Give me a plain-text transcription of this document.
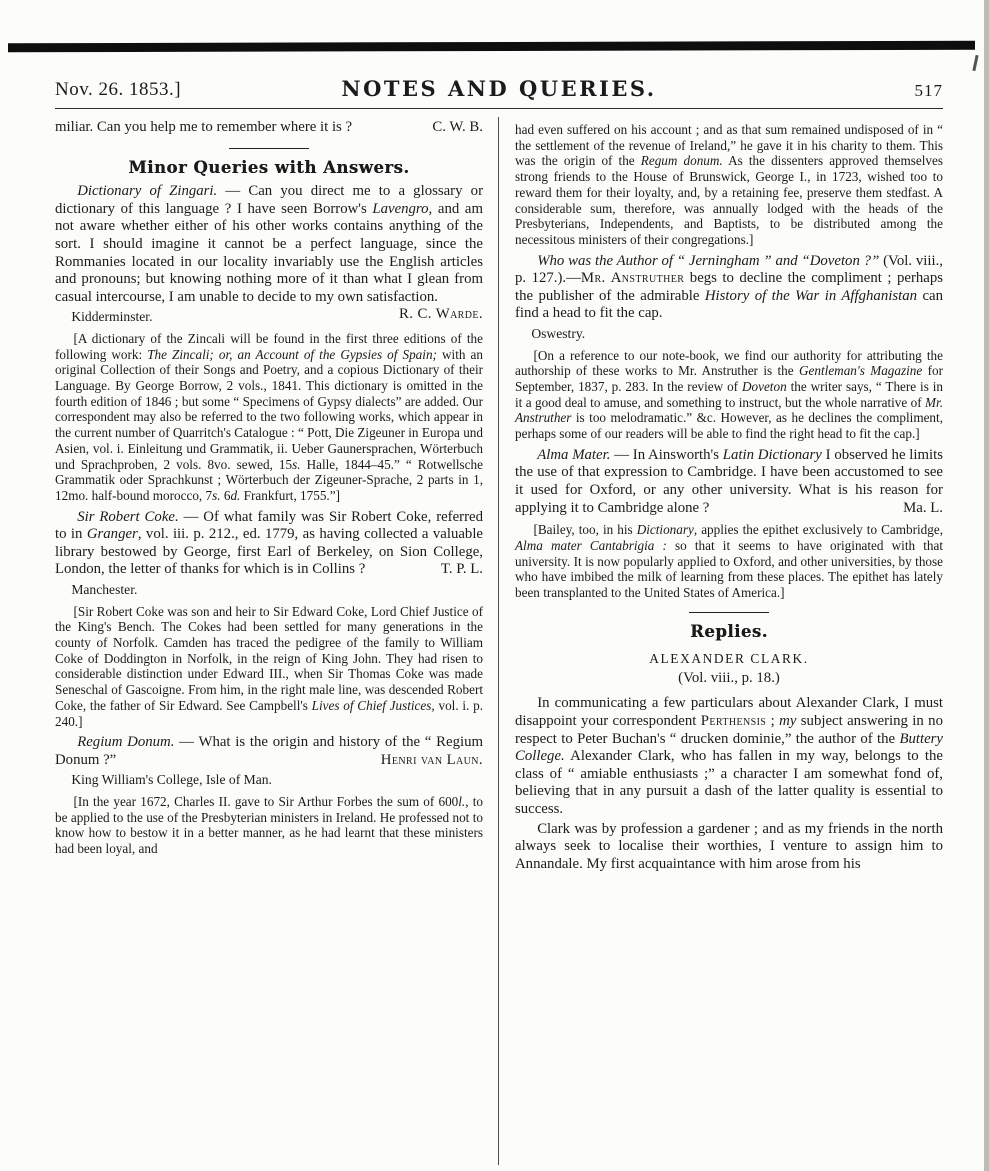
Nov. 26. 1853.]	NOTES AND QUERIES.	517
miliar. Can you help me to remember where it is ?	C. W. B.
Minor Queries with Answers.
Dictionary of Zingari. — Can you direct me to a glossary or dictionary of this language ? I have seen Borrow's Lavengro, and am not aware whether either of his other works contains anything of the sort. I should imagine it cannot be a perfect language, since the Rommanies located in our locality invariably use the English articles and pronouns; but knowing nothing more of it than what I glean from casual intercourse, I am unable to decide to my own satisfaction.
R. C. Warde.
Kidderminster.
[A dictionary of the Zincali will be found in the first three editions of the following work: The Zincali; or, an Account of the Gypsies of Spain; with an original Collection of their Songs and Poetry, and a copious Dictionary of their Language. By George Borrow, 2 vols., 1841. This dictionary is omitted in the fourth edition of 1846 ; but some “ Specimens of Gypsy dialects” are added. Our correspondent may also be referred to the two following works, which appear in the current number of Quarritch's Catalogue : “ Pott, Die Zigeuner in Europa und Asien, vol. i. Einleitung und Grammatik, ii. Ueber Gaunersprachen, Wörterbuch und Sprachproben, 2 vols. 8vo. sewed, 15s. Halle, 1844–45.” “ Rotwellsche Grammatik oder Sprachkunst ; Wörterbuch der Zigeuner-Sprache, 2 parts in 1, 12mo. half-bound morocco, 7s. 6d. Frankfurt, 1755.”]
Sir Robert Coke. — Of what family was Sir Robert Coke, referred to in Granger, vol. iii. p. 212., ed. 1779, as having collected a valuable library bestowed by George, first Earl of Berkeley, on Sion College, London, the letter of thanks for which is in Collins ?	T. P. L.
Manchester.
[Sir Robert Coke was son and heir to Sir Edward Coke, Lord Chief Justice of the King's Bench. The Cokes had been settled for many generations in the county of Norfolk. Camden has traced the pedigree of the family to William Coke of Doddington in Norfolk, in the reign of King John. They had risen to considerable distinction under Edward III., when Sir Thomas Coke was made Seneschal of Gascoigne. From him, in the right male line, was descended Robert Coke, the father of Sir Edward. See Campbell's Lives of Chief Justices, vol. i. p. 240.]
Regium Donum. — What is the origin and history of the “ Regium Donum ?”	Henri van Laun.
King William's College, Isle of Man.
[In the year 1672, Charles II. gave to Sir Arthur Forbes the sum of 600l., to be applied to the use of the Presbyterian ministers in Ireland. He professed not to know how to bestow it in a better manner, as he had learnt that these ministers had been loyal, and
had even suffered on his account ; and as that sum remained undisposed of in “ the settlement of the revenue of Ireland,” he gave it in his charity to them. This was the origin of the Regum donum. As the dissenters approved themselves strong friends to the House of Brunswick, George I., in 1723, wished too to reward them for their loyalty, and, by a retaining fee, preserve them stedfast. A considerable sum, therefore, was annually lodged with the heads of the Presbyterians, Independents, and Baptists, to be distributed among the necessitous ministers of their congregations.]
Who was the Author of “ Jerningham ” and “Doveton ?” (Vol. viii., p. 127.).—Mr. Anstruther begs to decline the compliment ; perhaps the publisher of the admirable History of the War in Affghanistan can find a head to fit the cap.
Oswestry.
[On a reference to our note-book, we find our authority for attributing the authorship of these works to Mr. Anstruther is the Gentleman's Magazine for September, 1837, p. 283. In the review of Doveton the writer says, “ There is in it a good deal to amuse, and something to instruct, but the whole narrative of Mr. Anstruther is too melodramatic.” &c. However, as he declines the compliment, perhaps some of our readers will be able to find the right head to fit the cap.]
Alma Mater. — In Ainsworth's Latin Dictionary I observed he limits the use of that expression to Cambridge. I have been accustomed to see it used for Oxford, or any other university. What is his reason for applying it to Cambridge alone ?	Ma. L.
[Bailey, too, in his Dictionary, applies the epithet exclusively to Cambridge, Alma mater Cantabrigia : so that it seems to have originated with that university. It is now popularly applied to Oxford, and other universities, by those who have imbibed the milk of learning from these places. The epithet has lately been transplanted to the United States of America.]
Replies.
ALEXANDER CLARK.
(Vol. viii., p. 18.)
In communicating a few particulars about Alexander Clark, I must disappoint your correspondent Perthensis ; my subject answering in no respect to Peter Buchan's “ drucken dominie,” the author of the Buttery College. Alexander Clark, who has fallen in my way, belongs to the class of “ amiable enthusiasts ;” a character I am somewhat fond of, believing that in any pursuit a dash of the latter quality is essential to success.
Clark was by profession a gardener ; and as my friends in the north always seek to localise their worthies, I venture to assign him to Annandale. My first acquaintance with him arose from his
